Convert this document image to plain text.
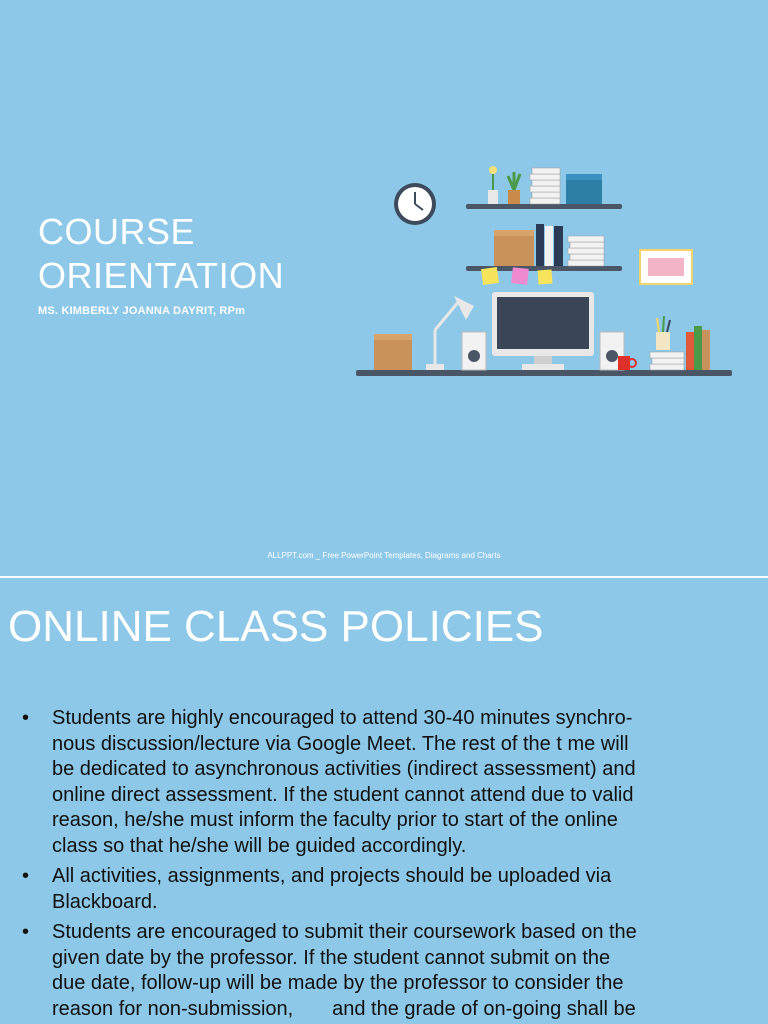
COURSE
ORIENTATION
MS. KIMBERLY JOANNA DAYRIT, RPm
ALLPPT.com _ Free PowerPoint Templates, Diagrams and Charts
ONLINE CLASS POLICIES
• Students are highly encouraged to attend 30-40 minutes synchro-
nous discussion/lecture via Google Meet. The rest of the t me will
be dedicated to asynchronous activities (indirect assessment) and
online direct assessment. If the student cannot attend due to valid
reason, he/she must inform the faculty prior to start of the online
class so that he/she will be guided accordingly.
• All activities, assignments, and projects should be uploaded via
Blackboard.
• Students are encouraged to submit their coursework based on the
given date by the professor. If the student cannot submit on the
due date, follow-up will be made by the professor to consider the
reason for non-submission,       and the grade of on-going shall be
